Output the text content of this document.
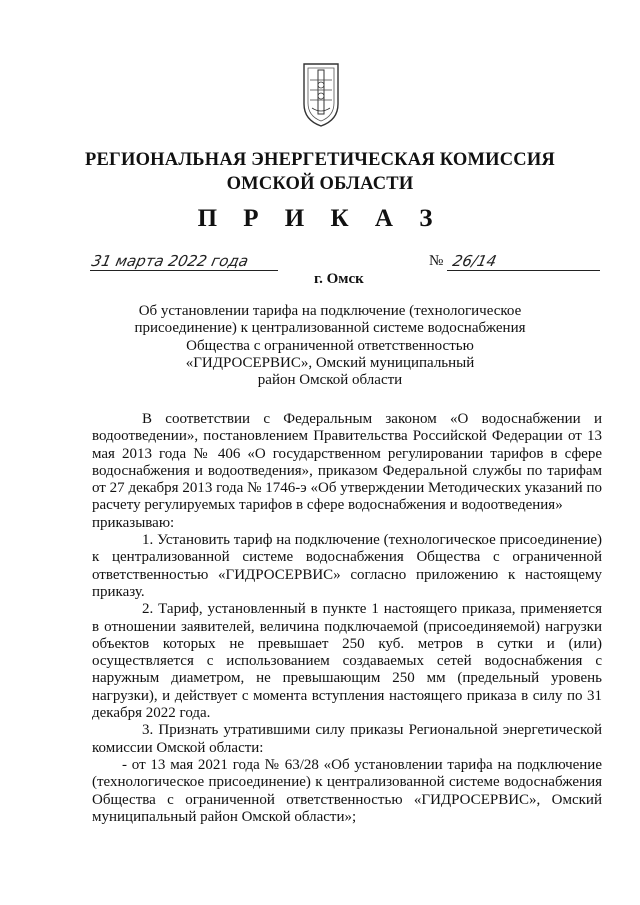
РЕГИОНАЛЬНАЯ ЭНЕРГЕТИЧЕСКАЯ КОМИССИЯ
ОМСКОЙ ОБЛАСТИ
П Р И К А З
31 марта 2022 года	№ 26/14
г. Омск
Об установлении тарифа на подключение (технологическое
присоединение) к централизованной системе водоснабжения
Общества с ограниченной ответственностью
«ГИДРОСЕРВИС», Омский муниципальный
район Омской области

В соответствии с Федеральным законом «О водоснабжении и водоотведении», постановлением Правительства Российской Федерации от 13 мая 2013 года № 406 «О государственном регулировании тарифов в сфере водоснабжения и водоотведения», приказом Федеральной службы по тарифам от 27 декабря 2013 года № 1746-э «Об утверждении Методических указаний по расчету регулируемых тарифов в сфере водоснабжения и водоотведения»

приказываю:

1. Установить тариф на подключение (технологическое присоединение) к централизованной системе водоснабжения Общества с ограниченной ответственностью «ГИДРОСЕРВИС» согласно приложению к настоящему приказу.

2. Тариф, установленный в пункте 1 настоящего приказа, применяется в отношении заявителей, величина подключаемой (присоединяемой) нагрузки объектов которых не превышает 250 куб. метров в сутки и (или) осуществляется с использованием создаваемых сетей водоснабжения с наружным диаметром, не превышающим 250 мм (предельный уровень нагрузки), и действует с момента вступления настоящего приказа в силу по 31 декабря 2022 года.

3. Признать утратившими силу приказы Региональной энергетической комиссии Омской области:

- от 13 мая 2021 года № 63/28 «Об установлении тарифа на подключение (технологическое присоединение) к централизованной системе водоснабжения Общества с ограниченной ответственностью «ГИДРОСЕРВИС», Омский муниципальный район Омской области»;
